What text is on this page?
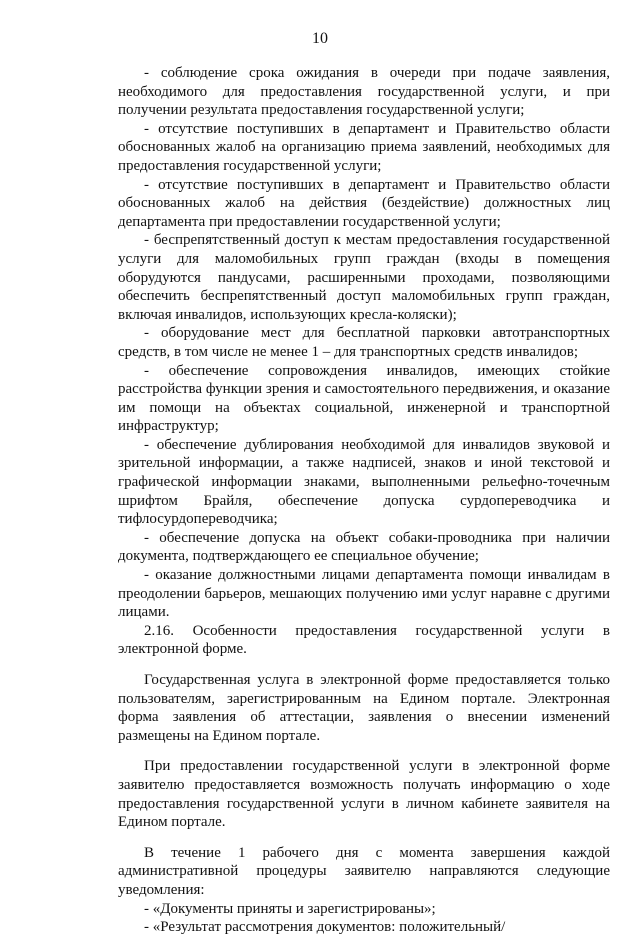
10

- соблюдение срока ожидания в очереди при подаче заявления, необходимого для предоставления государственной услуги, и при получении результата предоставления государственной услуги;

- отсутствие поступивших в департамент и Правительство области обоснованных жалоб на организацию приема заявлений, необходимых для предоставления государственной услуги;

- отсутствие поступивших в департамент и Правительство области обоснованных жалоб на действия (бездействие) должностных лиц департамента при предоставлении государственной услуги;

- беспрепятственный доступ к местам предоставления государственной услуги для маломобильных групп граждан (входы в помещения оборудуются пандусами, расширенными проходами, позволяющими обеспечить беспрепятственный доступ маломобильных групп граждан, включая инвалидов, использующих кресла-коляски);

- оборудование мест для бесплатной парковки автотранспортных средств, в том числе не менее 1 – для транспортных средств инвалидов;

- обеспечение сопровождения инвалидов, имеющих стойкие расстройства функции зрения и самостоятельного передвижения, и оказание им помощи на объектах социальной, инженерной и транспортной инфраструктур;

- обеспечение дублирования необходимой для инвалидов звуковой и зрительной информации, а также надписей, знаков и иной текстовой и графической информации знаками, выполненными рельефно-точечным шрифтом Брайля, обеспечение допуска сурдопереводчика и тифлосурдопереводчика;

- обеспечение допуска на объект собаки-проводника при наличии документа, подтверждающего ее специальное обучение;

- оказание должностными лицами департамента помощи инвалидам в преодолении барьеров, мешающих получению ими услуг наравне с другими лицами.

2.16. Особенности предоставления государственной услуги в электронной форме.

Государственная услуга в электронной форме предоставляется только пользователям, зарегистрированным на Едином портале. Электронная форма заявления об аттестации, заявления о внесении изменений размещены на Едином портале.

При предоставлении государственной услуги в электронной форме заявителю предоставляется возможность получать информацию о ходе предоставления государственной услуги в личном кабинете заявителя на Едином портале.

В течение 1 рабочего дня с момента завершения каждой административной процедуры заявителю направляются следующие уведомления:

- «Документы приняты и зарегистрированы»;

- «Результат рассмотрения документов: положительный/
